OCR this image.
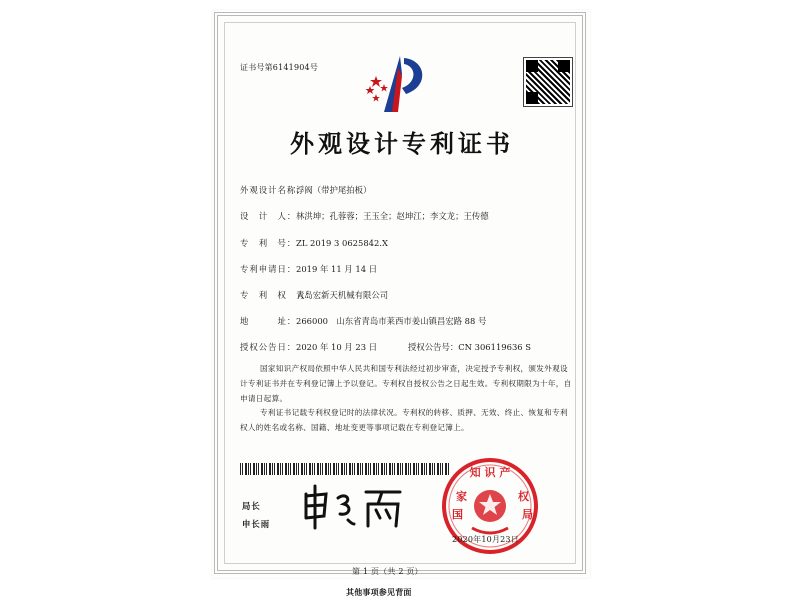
证书号第6141904号
外观设计专利证书
外观设计名称：浮阀（带护尾拍板）
设　计　人：林洪坤；孔蓉蓉；王玉全；赵坤江；李文龙；王传德
专　利　号：ZL 2019 3 0625842.X
专利申请日：2019 年 11 月 14 日
专　利　权　人：青岛宏新天机械有限公司
地　　　址：266000　山东省青岛市莱西市姜山镇昌宏路 88 号
授权公告日：2020 年 10 月 23 日	授权公告号：CN 306119636 S
国家知识产权局依照中华人民共和国专利法经过初步审查，决定授予专利权，颁发外观设计专利证书并在专利登记簿上予以登记。专利权自授权公告之日起生效。专利权期限为十年，自申请日起算。
专利证书记载专利权登记时的法律状况。专利权的转移、质押、无效、终止、恢复和专利权人的姓名或名称、国籍、地址变更等事项记载在专利登记簿上。
局长
申长雨
知 识 产
家	权
国	局
2020年10月23日
第 1 页（共 2 页）
其他事项参见背面
